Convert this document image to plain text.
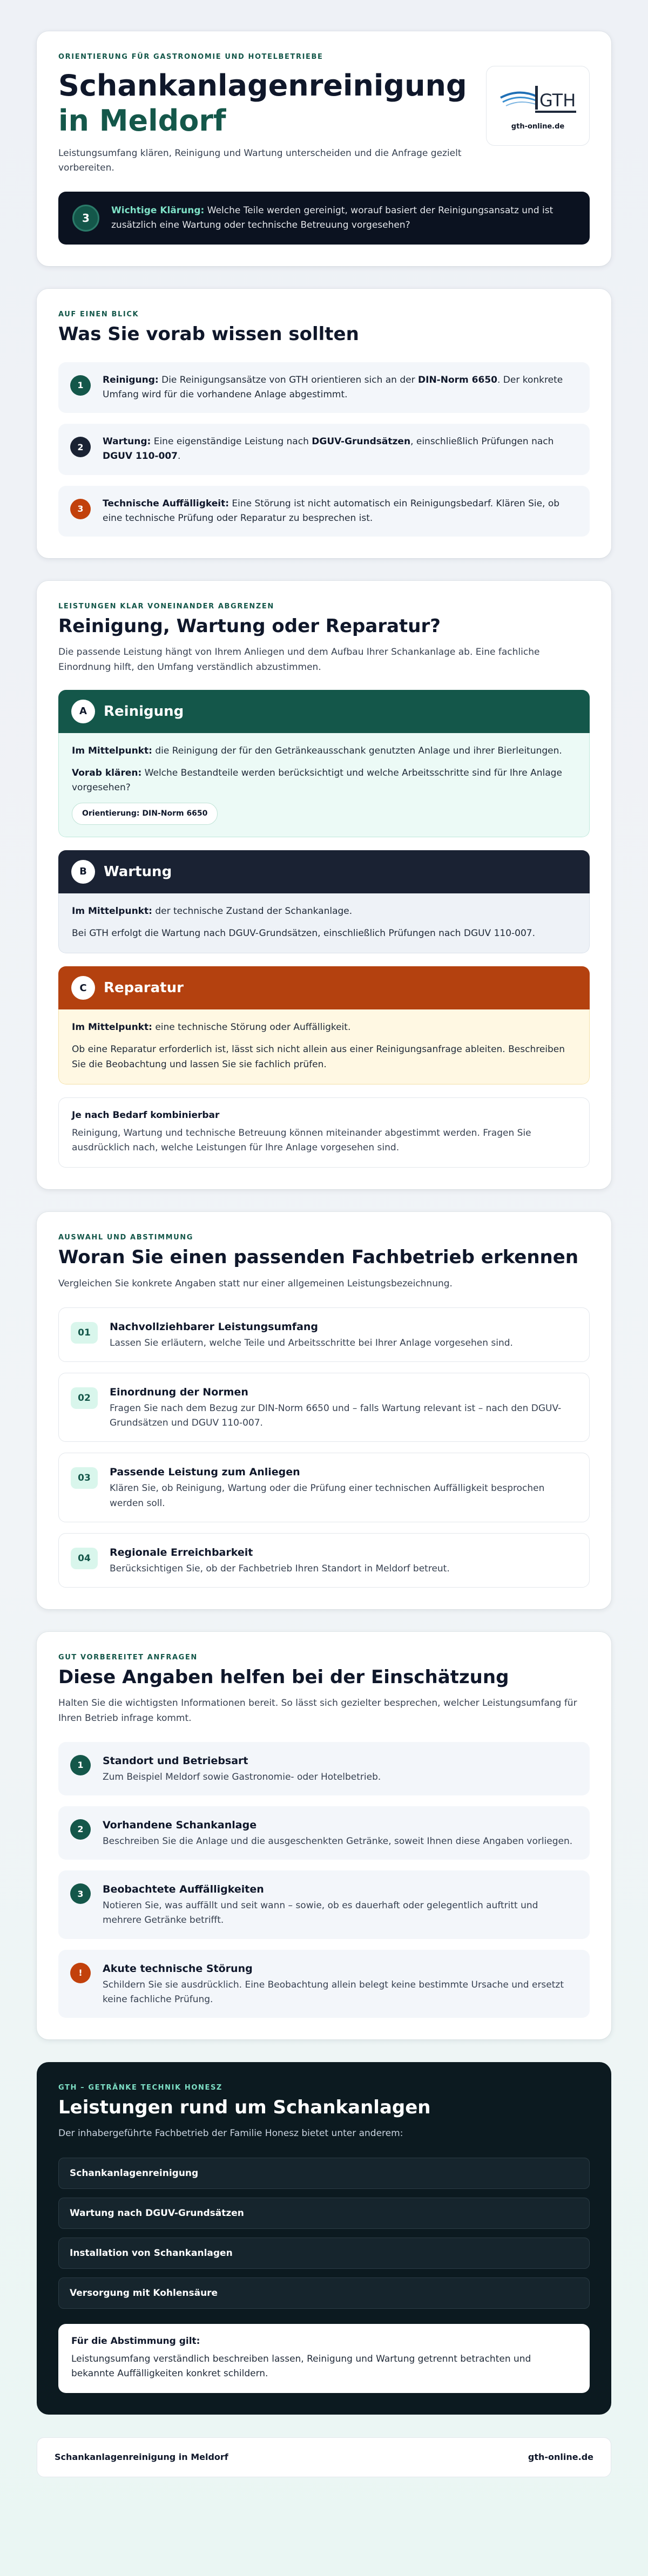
ORIENTIERUNG FÜR GASTRONOMIE UND HOTELBETRIEBE
Schankanlagenreinigung
in Meldorf

Leistungsumfang klären, Reinigung und Wartung unterscheiden und die Anfrage gezielt vorbereiten.

GTH
gth-online.de
3

Wichtige Klärung: Welche Teile werden gereinigt, worauf basiert der Reinigungsansatz und ist zusätzlich eine Wartung oder technische Betreuung vorgesehen?

AUF EINEN BLICK
Was Sie vorab wissen sollten
1	Reinigung: Die Reinigungsansätze von GTH orientieren sich an der DIN-Norm 6650. Der konkrete Umfang wird für die vorhandene Anlage abgestimmt.

2	Wartung: Eine eigenständige Leistung nach DGUV-Grundsätzen, einschließlich Prüfungen nach DGUV 110-007.

3	Technische Auffälligkeit: Eine Störung ist nicht automatisch ein Reinigungsbedarf. Klären Sie, ob eine technische Prüfung oder Reparatur zu besprechen ist.

LEISTUNGEN KLAR VONEINANDER ABGRENZEN
Reinigung, Wartung oder Reparatur?

Die passende Leistung hängt von Ihrem Anliegen und dem Aufbau Ihrer Schankanlage ab. Eine fachliche Einordnung hilft, den Umfang verständlich abzustimmen.

A	Reinigung

Im Mittelpunkt: die Reinigung der für den Getränkeausschank genutzten Anlage und ihrer Bierleitungen.

Vorab klären: Welche Bestandteile werden berücksichtigt und welche Arbeitsschritte sind für Ihre Anlage vorgesehen?

Orientierung: DIN-Norm 6650

B	Wartung

Im Mittelpunkt: der technische Zustand der Schankanlage.

Bei GTH erfolgt die Wartung nach DGUV-Grundsätzen, einschließlich Prüfungen nach DGUV 110-007.

C	Reparatur

Im Mittelpunkt: eine technische Störung oder Auffälligkeit.

Ob eine Reparatur erforderlich ist, lässt sich nicht allein aus einer Reinigungsanfrage ableiten. Beschreiben Sie die Beobachtung und lassen Sie sie fachlich prüfen.

Je nach Bedarf kombinierbar

Reinigung, Wartung und technische Betreuung können miteinander abgestimmt werden. Fragen Sie ausdrücklich nach, welche Leistungen für Ihre Anlage vorgesehen sind.

AUSWAHL UND ABSTIMMUNG
Woran Sie einen passenden Fachbetrieb erkennen

Vergleichen Sie konkrete Angaben statt nur einer allgemeinen Leistungsbezeichnung.

01	Nachvollziehbarer Leistungsumfang
Lassen Sie erläutern, welche Teile und Arbeitsschritte bei Ihrer Anlage vorgesehen sind.
02	Einordnung der Normen
Fragen Sie nach dem Bezug zur DIN-Norm 6650 und – falls Wartung relevant ist – nach den DGUV-Grundsätzen und DGUV 110-007.
03	Passende Leistung zum Anliegen
Klären Sie, ob Reinigung, Wartung oder die Prüfung einer technischen Auffälligkeit besprochen werden soll.
04	Regionale Erreichbarkeit
Berücksichtigen Sie, ob der Fachbetrieb Ihren Standort in Meldorf betreut.
GUT VORBEREITET ANFRAGEN
Diese Angaben helfen bei der Einschätzung

Halten Sie die wichtigsten Informationen bereit. So lässt sich gezielter besprechen, welcher Leistungsumfang für Ihren Betrieb infrage kommt.

1	Standort und Betriebsart
Zum Beispiel Meldorf sowie Gastronomie- oder Hotelbetrieb.
2	Vorhandene Schankanlage
Beschreiben Sie die Anlage und die ausgeschenkten Getränke, soweit Ihnen diese Angaben vorliegen.
3	Beobachtete Auffälligkeiten
Notieren Sie, was auffällt und seit wann – sowie, ob es dauerhaft oder gelegentlich auftritt und mehrere Getränke betrifft.
!	Akute technische Störung
Schildern Sie sie ausdrücklich. Eine Beobachtung allein belegt keine bestimmte Ursache und ersetzt keine fachliche Prüfung.
GTH – GETRÄNKE TECHNIK HONESZ
Leistungen rund um Schankanlagen

Der inhabergeführte Fachbetrieb der Familie Honesz bietet unter anderem:

Schankanlagenreinigung
Wartung nach DGUV-Grundsätzen
Installation von Schankanlagen
Versorgung mit Kohlensäure
Für die Abstimmung gilt:

Leistungsumfang verständlich beschreiben lassen, Reinigung und Wartung getrennt betrachten und bekannte Auffälligkeiten konkret schildern.

Schankanlagenreinigung in Meldorf	gth-online.de
